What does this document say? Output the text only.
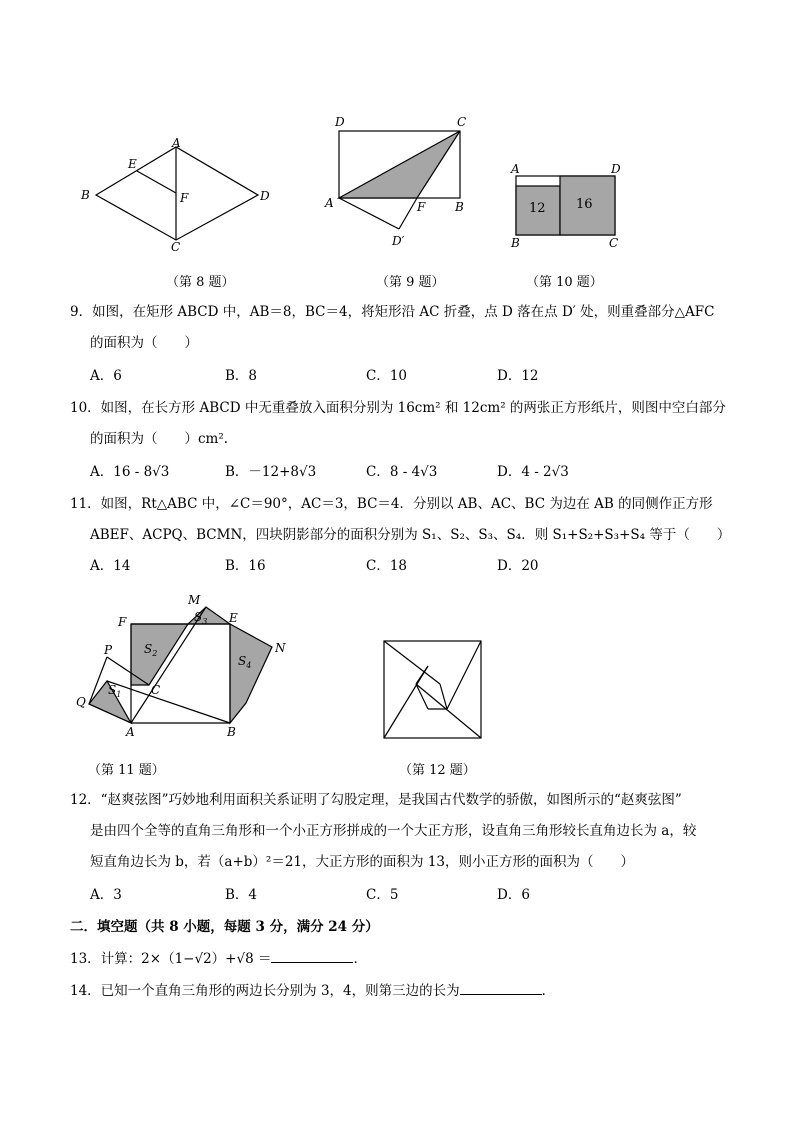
A
B
C
D
E
F
（第 8 题）
D	C
A	B
F
D′
（第 9 题）
12 16
A	D
B	C
（第 10 题）
9．如图，在矩形 ABCD 中，AB＝8，BC＝4，将矩形沿 AC 折叠，点 D 落在点 D′ 处，则重叠部分△AFC
的面积为（　　）
A．6	B．8	C．10	D．12
10．如图，在长方形 ABCD 中无重叠放入面积分别为 16cm² 和 12cm² 的两张正方形纸片，则图中空白部分
的面积为（　　）cm².
A．16 - 8√3	B．－12+8√3	C．8 - 4√3	D．4 - 2√3
11．如图，Rt△ABC 中，∠C＝90°，AC＝3，BC＝4．分别以 AB、AC、BC 为边在 AB 的同侧作正方形
ABEF、ACPQ、BCMN，四块阴影部分的面积分别为 S₁、S₂、S₃、S₄．则 S₁+S₂+S₃+S₄ 等于（　　）
A．14	B．16	C．18	D．20
F
M
E
N
P
C
Q
A	B
$S_1$
$S_2$
$S_3$
$S_4$
（第 11 题）	（第 12 题）
12．“赵爽弦图”巧妙地利用面积关系证明了勾股定理，是我国古代数学的骄傲，如图所示的“赵爽弦图”
是由四个全等的直角三角形和一个小正方形拼成的一个大正方形，设直角三角形较长直角边长为 a，较
短直角边长为 b，若（a+b）²＝21，大正方形的面积为 13，则小正方形的面积为（　　）
A．3	B．4	C．5	D．6
二．填空题（共 8 小题，每题 3 分，满分 24 分）
13．计算：2×（1−√2）+√8 ＝	．
14．已知一个直角三角形的两边长分别为 3，4，则第三边的长为	．
